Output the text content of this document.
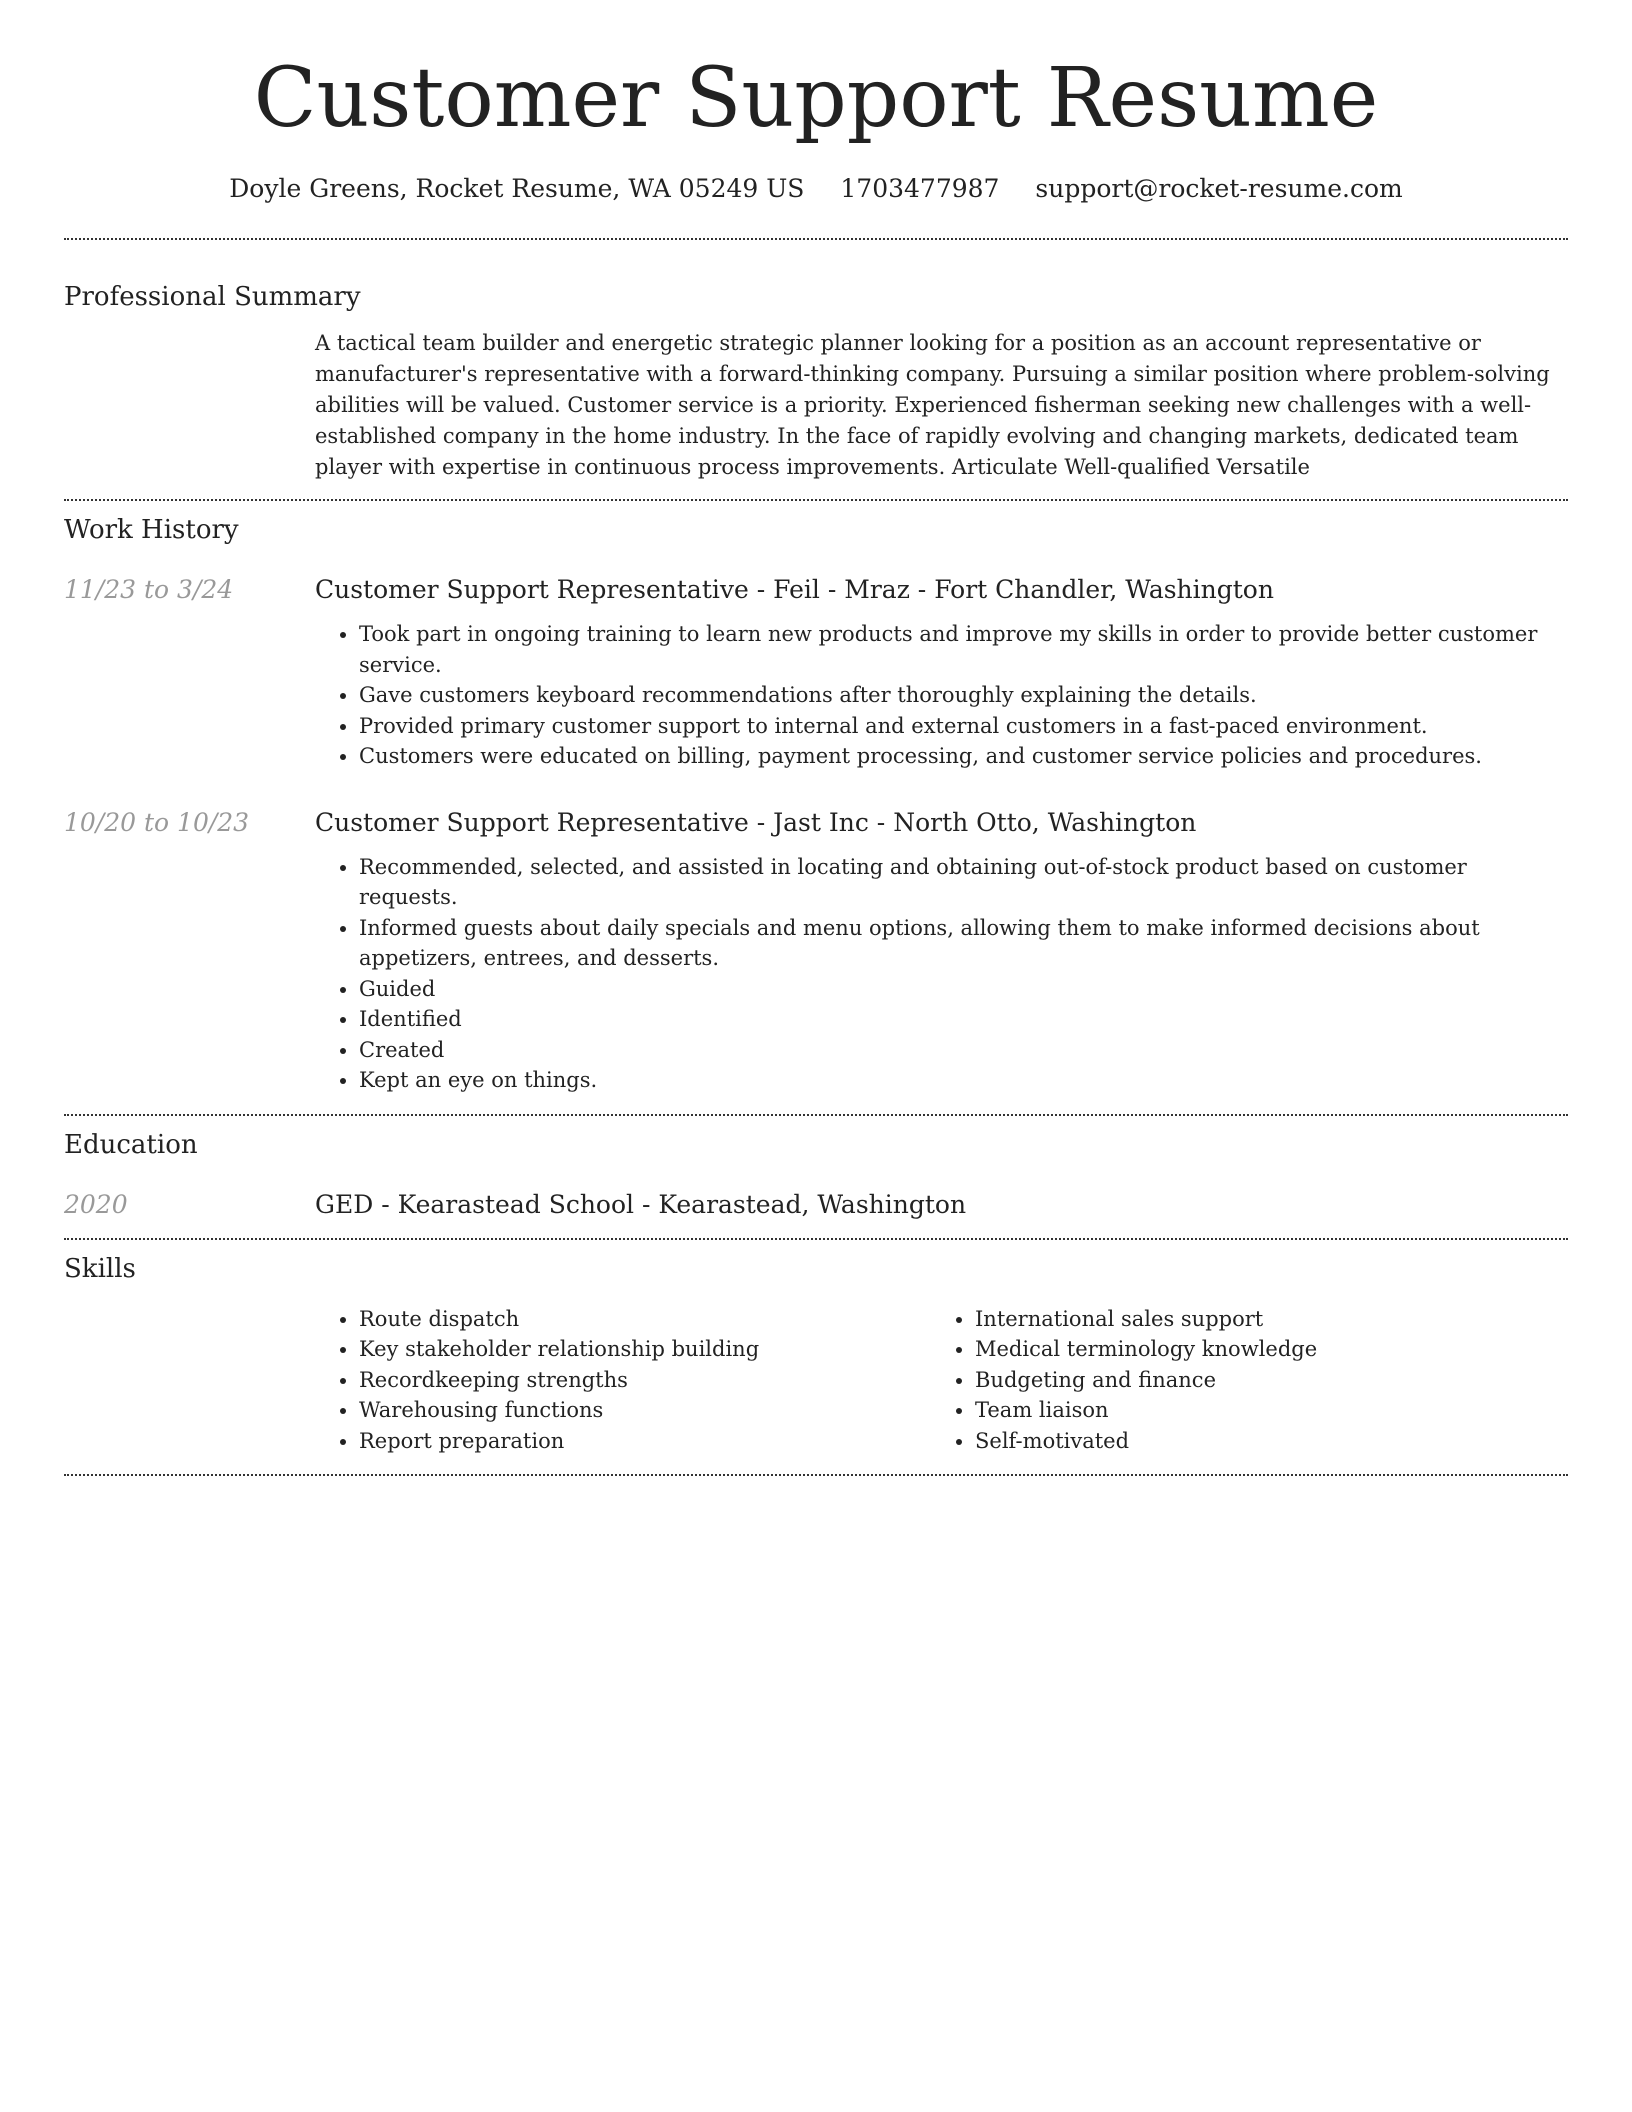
Customer Support Resume
Doyle Greens, Rocket Resume, WA 05249 US 1703477987 support@rocket-resume.com
Professional Summary
A tactical team builder and energetic strategic planner looking for a position as an account representative or manufacturer's representative with a forward-thinking company. Pursuing a similar position where problem-solving abilities will be valued. Customer service is a priority. Experienced fisherman seeking new challenges with a well-established company in the home industry. In the face of rapidly evolving and changing markets, dedicated team player with expertise in continuous process improvements. Articulate Well-qualified Versatile
Work History
11/23 to 3/24	Customer Support Representative - Feil - Mraz - Fort Chandler, Washington
• Took part in ongoing training to learn new products and improve my skills in order to provide better customer service.
• Gave customers keyboard recommendations after thoroughly explaining the details.
• Provided primary customer support to internal and external customers in a fast-paced environment.
• Customers were educated on billing, payment processing, and customer service policies and procedures.
10/20 to 10/23	Customer Support Representative - Jast Inc - North Otto, Washington
• Recommended, selected, and assisted in locating and obtaining out-of-stock product based on customer requests.
• Informed guests about daily specials and menu options, allowing them to make informed decisions about appetizers, entrees, and desserts.
• Guided
• Identified
• Created
• Kept an eye on things.
Education
2020	GED - Kearastead School - Kearastead, Washington
Skills
• Route dispatch
• Key stakeholder relationship building
• Recordkeeping strengths
• Warehousing functions
• Report preparation
• International sales support
• Medical terminology knowledge
• Budgeting and finance
• Team liaison
• Self-motivated
